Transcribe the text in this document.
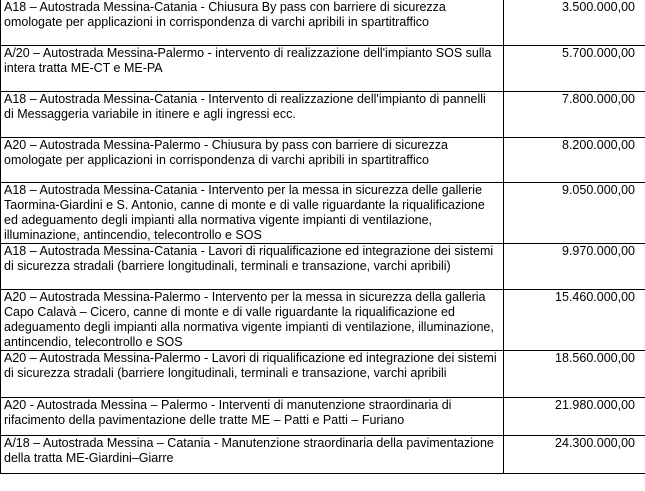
A18 – Autostrada Messina-Catania - Chiusura By pass con barriere di sicurezza omologate per applicazioni in corrispondenza di varchi apribili in spartitraffico	3.500.000,00
A/20 – Autostrada Messina-Palermo - intervento di realizzazione dell'impianto SOS sulla intera tratta ME-CT e ME-PA	5.700.000,00
A18 – Autostrada Messina-Catania - Intervento di realizzazione dell'impianto di pannelli di Messaggeria variabile in itinere e agli ingressi ecc.	7.800.000,00
A20 – Autostrada Messina-Palermo - Chiusura by pass con barriere di sicurezza omologate per applicazioni in corrispondenza di varchi apribili in spartitraffico	8.200.000,00
A18 – Autostrada Messina-Catania - Intervento per la messa in sicurezza delle gallerie Taormina-Giardini e S. Antonio, canne di monte e di valle riguardante la riqualificazione ed adeguamento degli impianti alla normativa vigente impianti di ventilazione, illuminazione, antincendio, telecontrollo e SOS	9.050.000,00
A18 – Autostrada Messina-Catania - Lavori di riqualificazione ed integrazione dei sistemi di sicurezza stradali (barriere longitudinali, terminali e transazione, varchi apribili)	9.970.000,00
A20 – Autostrada Messina-Palermo - Intervento per la messa in sicurezza della galleria Capo Calavà – Cicero, canne di monte e di valle riguardante la riqualificazione ed adeguamento degli impianti alla normativa vigente impianti di ventilazione, illuminazione, antincendio, telecontrollo e SOS	15.460.000,00
A20 – Autostrada Messina-Palermo - Lavori di riqualificazione ed integrazione dei sistemi di sicurezza stradali (barriere longitudinali, terminali e transazione, varchi apribili	18.560.000,00
A20 - Autostrada Messina – Palermo - Interventi di manutenzione straordinaria di rifacimento della pavimentazione delle tratte ME – Patti e Patti – Furiano	21.980.000,00
A/18 – Autostrada Messina – Catania - Manutenzione straordinaria della pavimentazione della tratta ME-Giardini–Giarre	24.300.000,00
